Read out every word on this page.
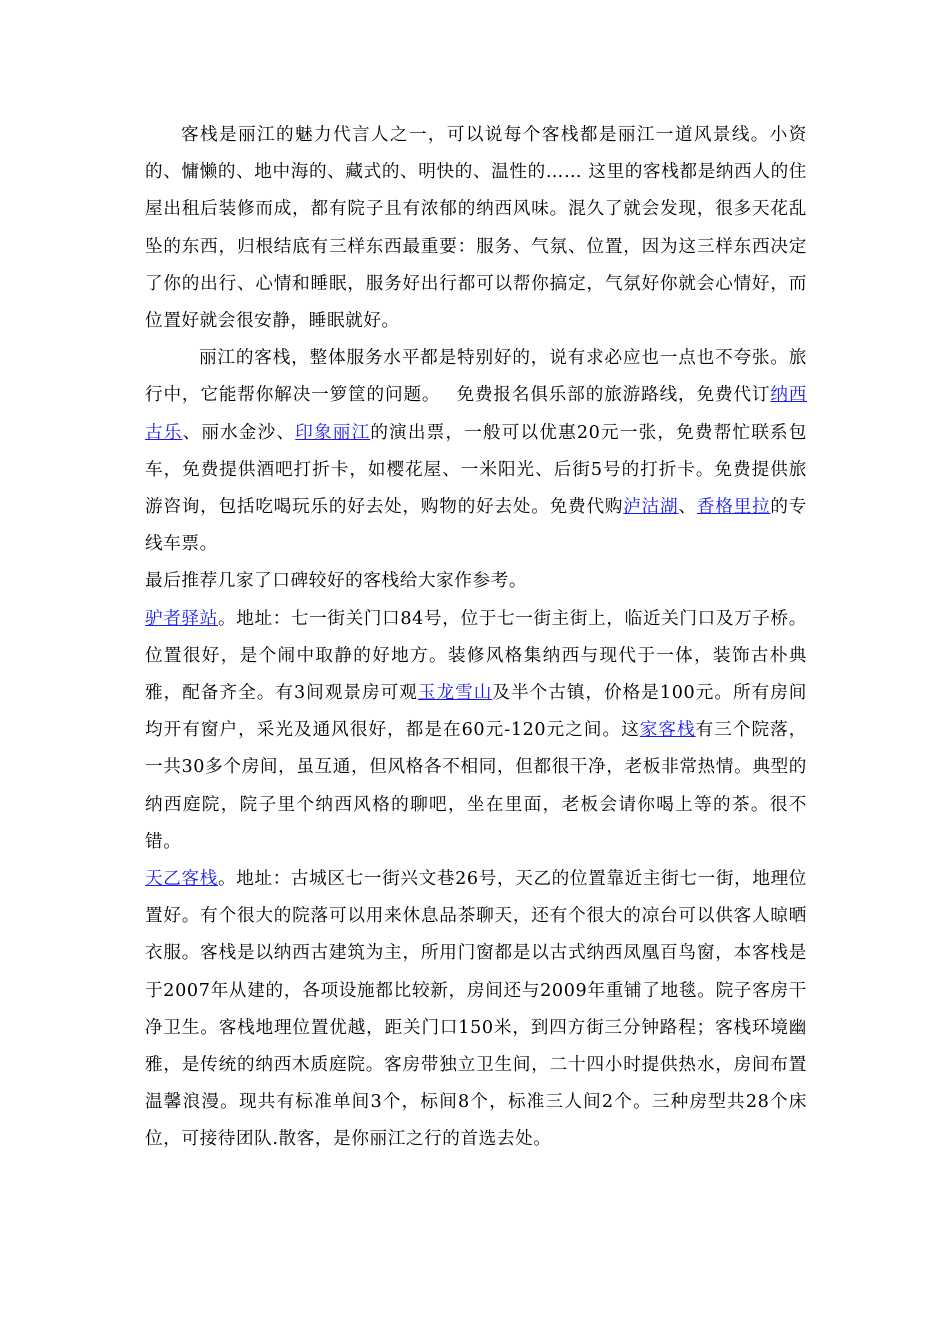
客栈是丽江的魅力代言人之一，可以说每个客栈都是丽江一道风景线。小资的、慵懒的、地中海的、藏式的、明快的、温性的…… 这里的客栈都是纳西人的住屋出租后装修而成，都有院子且有浓郁的纳西风味。混久了就会发现，很多天花乱坠的东西，归根结底有三样东西最重要：服务、气氛、位置，因为这三样东西决定了你的出行、心情和睡眠，服务好出行都可以帮你搞定，气氛好你就会心情好，而位置好就会很安静，睡眠就好。

丽江的客栈，整体服务水平都是特别好的，说有求必应也一点也不夸张。旅行中，它能帮你解决一箩筐的问题。　 免费报名俱乐部的旅游路线，免费代订纳西古乐、丽水金沙、印象丽江的演出票，一般可以优惠20元一张，免费帮忙联系包车，免费提供酒吧打折卡，如樱花屋、一米阳光、后街5号的打折卡。免费提供旅游咨询，包括吃喝玩乐的好去处，购物的好去处。免费代购泸沽湖、香格里拉的专线车票。

最后推荐几家了口碑较好的客栈给大家作参考。

驴者驿站。地址：七一街关门口84号，位于七一街主街上，临近关门口及万子桥。位置很好，是个闹中取静的好地方。装修风格集纳西与现代于一体，装饰古朴典雅，配备齐全。有3间观景房可观玉龙雪山及半个古镇，价格是100元。所有房间均开有窗户，采光及通风很好，都是在60元-120元之间。这家客栈有三个院落，一共30多个房间，虽互通，但风格各不相同，但都很干净，老板非常热情。典型的纳西庭院，院子里个纳西风格的聊吧，坐在里面，老板会请你喝上等的茶。很不错。

天乙客栈。地址：古城区七一街兴文巷26号，天乙的位置靠近主街七一街，地理位置好。有个很大的院落可以用来休息品茶聊天，还有个很大的凉台可以供客人晾晒衣服。客栈是以纳西古建筑为主，所用门窗都是以古式纳西凤凰百鸟窗，本客栈是于2007年从建的，各项设施都比较新，房间还与2009年重铺了地毯。院子客房干净卫生。客栈地理位置优越，距关门口150米，到四方街三分钟路程；客栈环境幽雅，是传统的纳西木质庭院。客房带独立卫生间，二十四小时提供热水，房间布置温馨浪漫。现共有标准单间3个，标间8个，标准三人间2个。三种房型共28个床位，可接待团队.散客，是你丽江之行的首选去处。
